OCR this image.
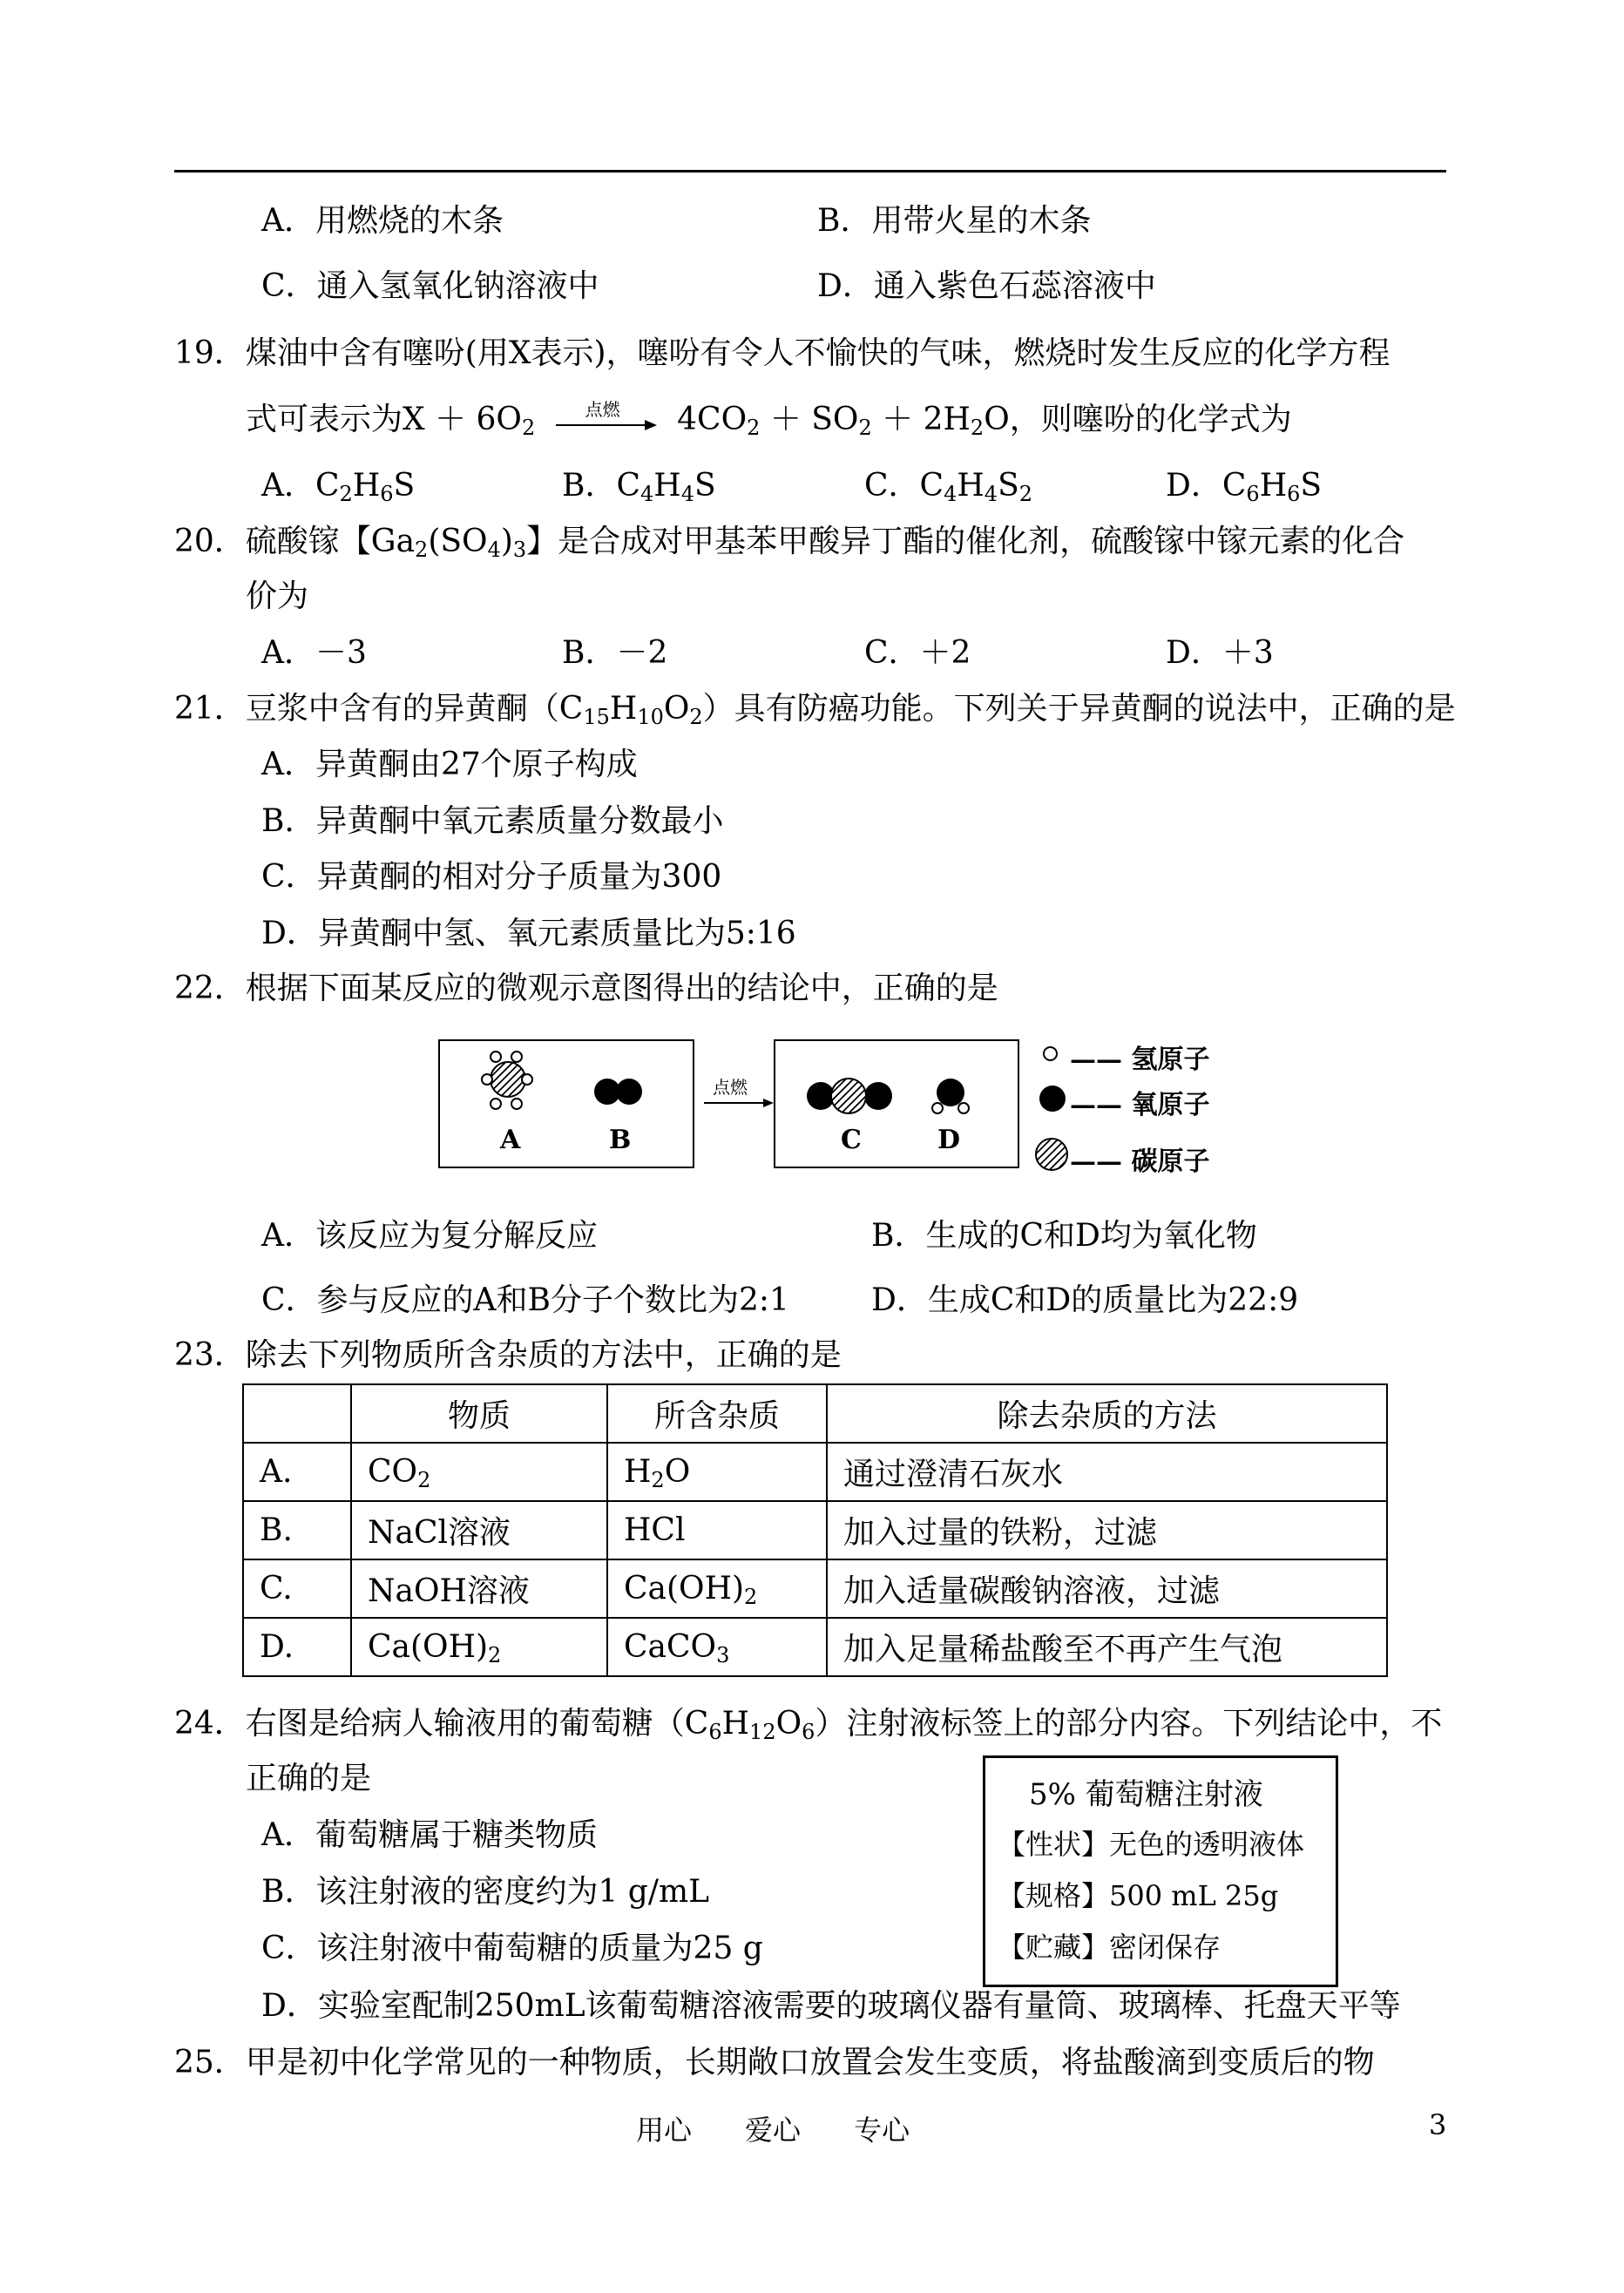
A．用燃烧的木条	B．用带火星的木条
C．通入氢氧化钠溶液中	D．通入紫色石蕊溶液中
19．煤油中含有噻吩(用X表示)，噻吩有令人不愉快的气味，燃烧时发生反应的化学方程
式可表示为$X + 6O_2$
点燃 $4CO_2 + SO_2 + 2H_2O$，则噻吩的化学式为
A．$C_2H_6S$	B．$C_4H_4S$	C．$C_4H_4S_2$	D．$C_6H_6S$
20．硫酸镓【$Ga_2(SO_4)_3$】是合成对甲基苯甲酸异丁酯的催化剂，硫酸镓中镓元素的化合
价为
A．－3	B．－2	C．＋2	D．＋3
21．豆浆中含有的异黄酮$(C_{15}H_{10}O_2)$具有防癌功能。下列关于异黄酮的说法中，正确的是
A．异黄酮由27个原子构成
B．异黄酮中氧元素质量分数最小
C．异黄酮的相对分子质量为300
D．异黄酮中氢、氧元素质量比为5:16
22．根据下面某反应的微观示意图得出的结论中，正确的是
A	B
点燃
C	D
—— 氢原子
—— 氧原子
—— 碳原子
A．该反应为复分解反应	B．生成的C和D均为氧化物
C．参与反应的A和B分子个数比为2:1	D．生成C和D的质量比为22:9
23．除去下列物质所含杂质的方法中，正确的是
	物质	所含杂质	除去杂质的方法
A.	$CO_2$	$H_2O$	通过澄清石灰水
B.	NaCl溶液	HCl	加入过量的铁粉，过滤
C.	NaOH溶液	$Ca(OH)_2$	加入适量碳酸钠溶液，过滤
D.	$Ca(OH)_2$	CaCO$_3$	加入足量稀盐酸至不再产生气泡
24．右图是给病人输液用的葡萄糖$(C_6H_{12}O_6)$注射液标签上的部分内容。下列结论中，不
正确的是
A．葡萄糖属于糖类物质
B．该注射液的密度约为1 g/mL
C．该注射液中葡萄糖的质量为25 g
D．实验室配制250mL该葡萄糖溶液需要的玻璃仪器有量筒、玻璃棒、托盘天平等
5% 葡萄糖注射液
【性状】无色的透明液体
【规格】500 mL 25g
【贮藏】密闭保存
25．甲是初中化学常见的一种物质，长期敞口放置会发生变质，将盐酸滴到变质后的物
用心      爱心      专心	3
